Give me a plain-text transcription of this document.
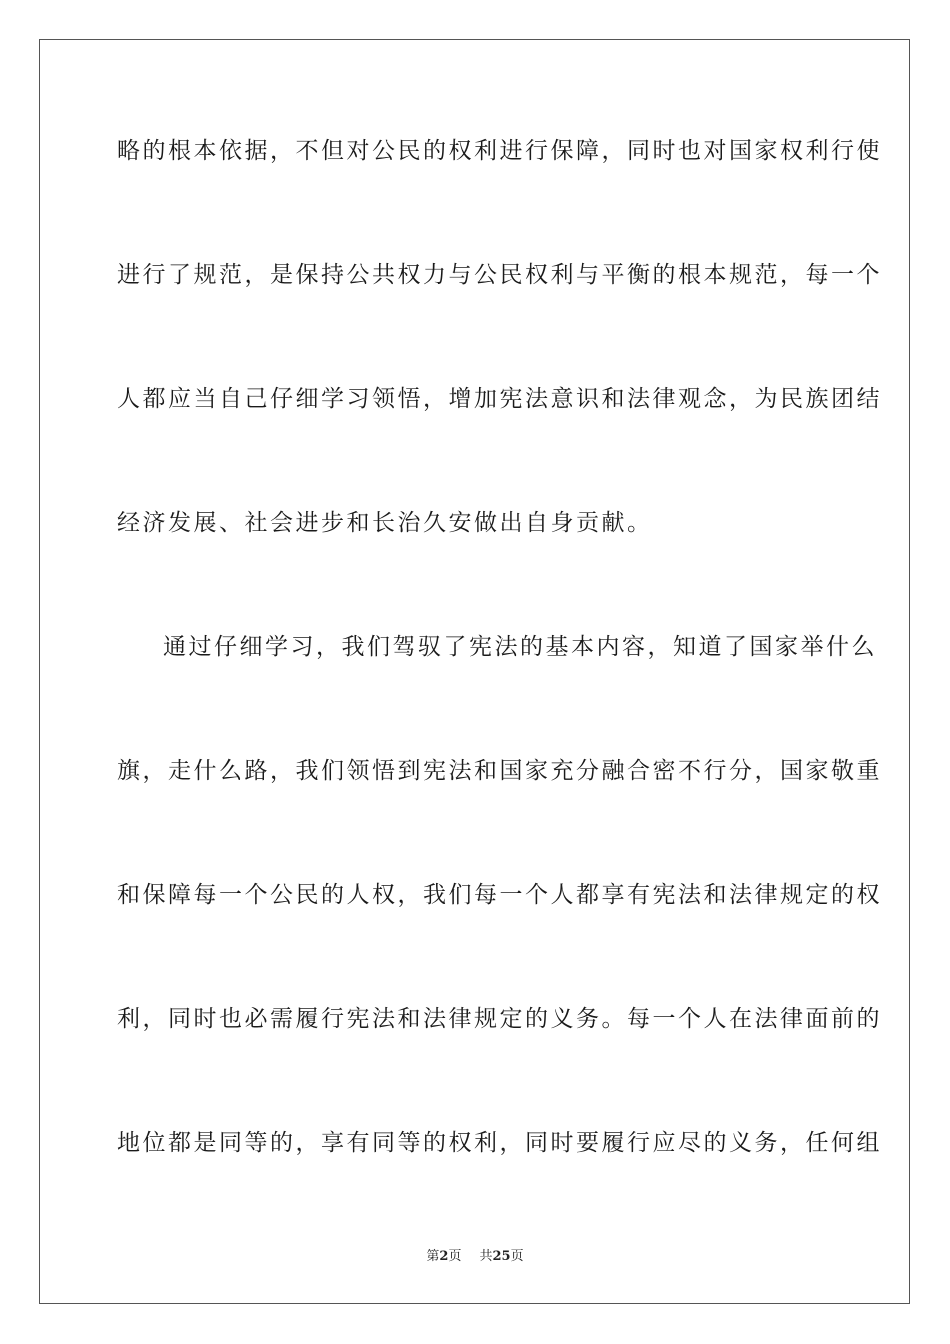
略的根本依据，不但对公民的权利进行保障，同时也对国家权利行使
进行了规范，是保持公共权力与公民权利与平衡的根本规范，每一个
人都应当自己仔细学习领悟，增加宪法意识和法律观念，为民族团结
经济发展、社会进步和长治久安做出自身贡献。
通过仔细学习，我们驾驭了宪法的基本内容，知道了国家举什么
旗，走什么路，我们领悟到宪法和国家充分融合密不行分，国家敬重
和保障每一个公民的人权，我们每一个人都享有宪法和法律规定的权
利，同时也必需履行宪法和法律规定的义务。每一个人在法律面前的
地位都是同等的，享有同等的权利，同时要履行应尽的义务，任何组
第2页 共25页
